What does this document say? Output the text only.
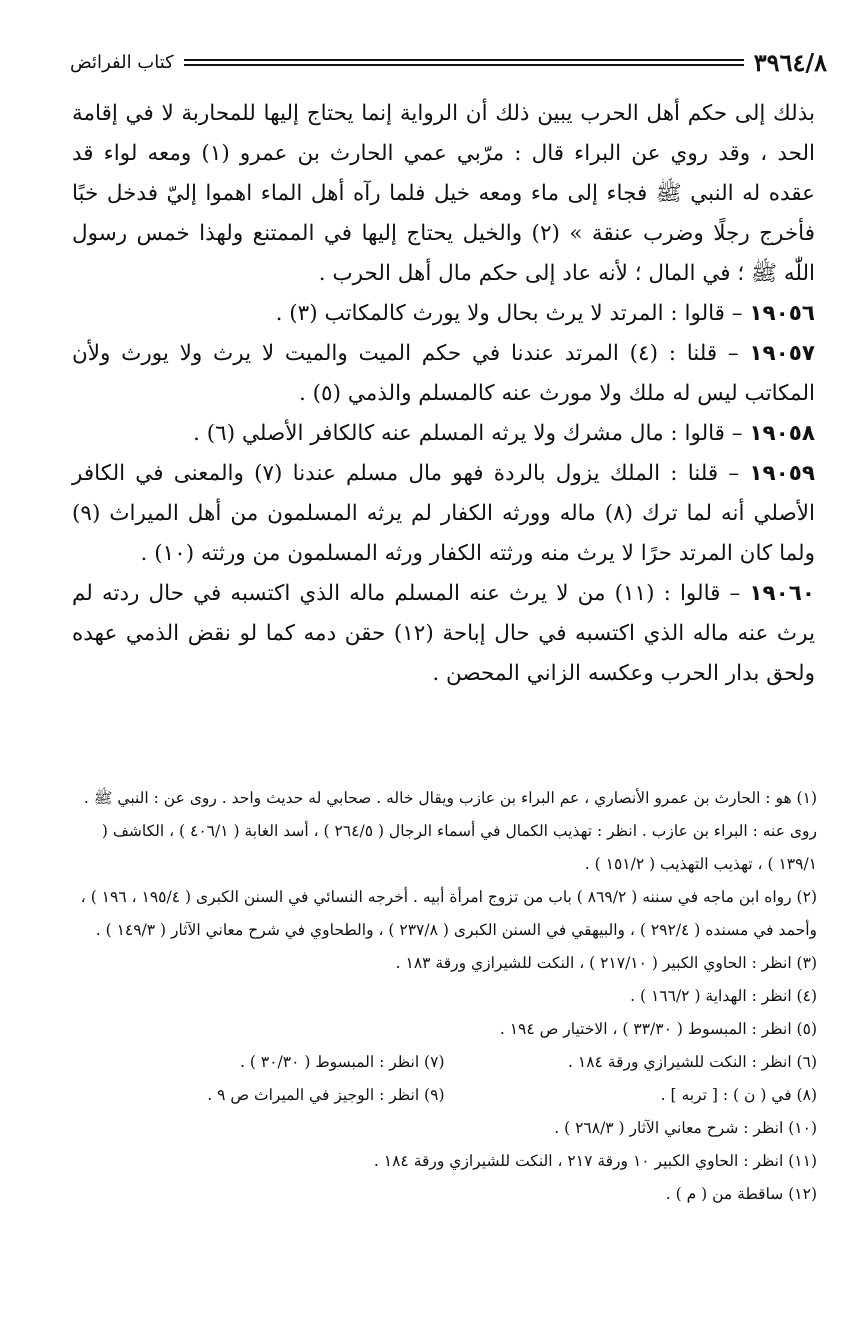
٣٩٦٤/٨
كتاب الفرائض

بذلك إلى حكم أهل الحرب يبين ذلك أن الرواية إنما يحتاج إليها للمحاربة لا في إقامة الحد ، وقد روي عن البراء قال : مرّبي عمي الحارث بن عمرو (١) ومعه لواء قد عقده له النبي ﷺ فجاء إلى ماء ومعه خيل فلما رآه أهل الماء اهموا إليّ فدخل خبًا فأخرج رجلًا وضرب عنقة » (٢) والخيل يحتاج إليها في الممتنع ولهذا خمس رسول اللّٰه ﷺ ؛ في المال ؛ لأنه عاد إلى حكم مال أهل الحرب .

١٩٠٥٦ – قالوا : المرتد لا يرث بحال ولا يورث كالمكاتب (٣) .

١٩٠٥٧ – قلنا : (٤) المرتد عندنا في حكم الميت والميت لا يرث ولا يورث ولأن المكاتب ليس له ملك ولا مورث عنه كالمسلم والذمي (٥) .

١٩٠٥٨ – قالوا : مال مشرك ولا يرثه المسلم عنه كالكافر الأصلي (٦) .

١٩٠٥٩ – قلنا : الملك يزول بالردة فهو مال مسلم عندنا (٧) والمعنى في الكافر الأصلي أنه لما ترك (٨) ماله وورثه الكفار لم يرثه المسلمون من أهل الميراث (٩) ولما كان المرتد حرًا لا يرث منه ورثته الكفار ورثه المسلمون من ورثته (١٠) .

١٩٠٦٠ – قالوا : (١١) من لا يرث عنه المسلم ماله الذي اكتسبه في حال ردته لم يرث عنه ماله الذي اكتسبه في حال إباحة (١٢) حقن دمه كما لو نقض الذمي عهده ولحق بدار الحرب وعكسه الزاني المحصن .

(١) هو : الحارث بن عمرو الأنصاري ، عم البراء بن عازب ويقال خاله . صحابي له حديث واحد . روى عن : النبي ﷺ . روى عنه : البراء بن عازب . انظر : تهذيب الكمال في أسماء الرجال ( ٢٦٤/٥ ) ، أسد الغابة ( ٤٠٦/١ ) ، الكاشف ( ١٣٩/١ ) ، تهذيب التهذيب ( ١٥١/٢ ) .

(٢) رواه ابن ماجه في سننه ( ٨٦٩/٢ ) باب من تزوج امرأة أبيه . أخرجه النسائي في السنن الكبرى ( ١٩٥/٤ ، ١٩٦ ) ، وأحمد في مسنده ( ٢٩٢/٤ ) ، والبيهقي في السنن الكبرى ( ٢٣٧/٨ ) ، والطحاوي في شرح معاني الآثار ( ١٤٩/٣ ) .

(٣) انظر : الحاوي الكبير ( ٢١٧/١٠ ) ، النكت للشيرازي ورقة ١٨٣ .

(٤) انظر : الهداية ( ١٦٦/٢ ) .

(٥) انظر : المبسوط ( ٣٣/٣٠ ) ، الاختيار ص ١٩٤ .

(٦) انظر : النكت للشيرازي ورقة ١٨٤ .
(٧) انظر : المبسوط ( ٣٠/٣٠ ) .
(٨) في ( ن ) : [ تربه ] .
(٩) انظر : الوجيز في الميراث ص ٩ .

(١٠) انظر : شرح معاني الآثار ( ٢٦٨/٣ ) .

(١١) انظر : الحاوي الكبير ١٠ ورقة ٢١٧ ، النكت للشيرازي ورقة ١٨٤ .

(١٢) ساقطة من ( م ) .
